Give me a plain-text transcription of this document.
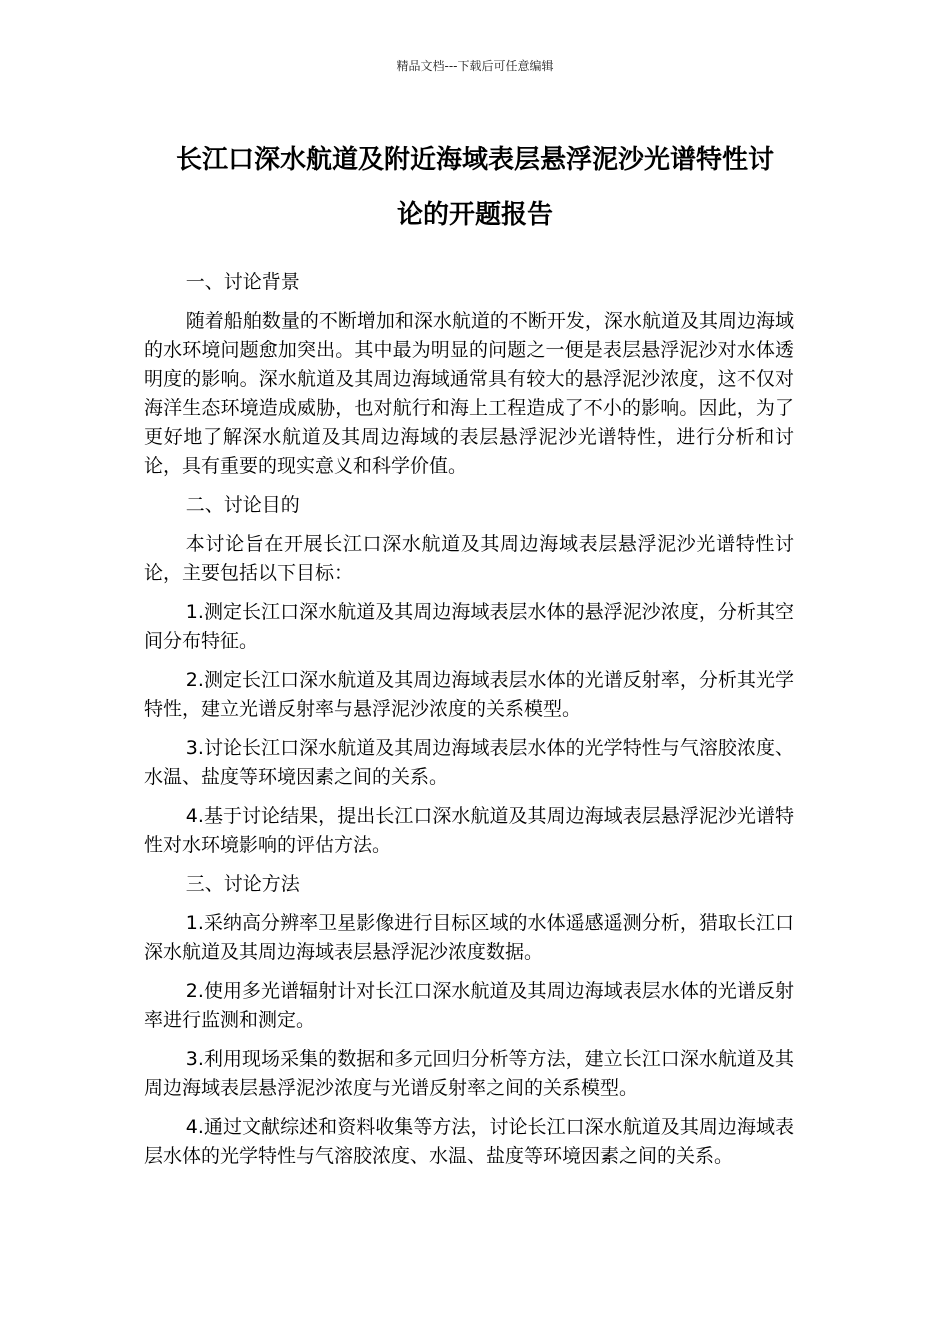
精品文档---下载后可任意编辑
长江口深水航道及附近海域表层悬浮泥沙光谱特性讨
论的开题报告

一、讨论背景

随着船舶数量的不断增加和深水航道的不断开发，深水航道及其周边海域的水环境问题愈加突出。其中最为明显的问题之一便是表层悬浮泥沙对水体透明度的影响。深水航道及其周边海域通常具有较大的悬浮泥沙浓度，这不仅对海洋生态环境造成威胁，也对航行和海上工程造成了不小的影响。因此，为了更好地了解深水航道及其周边海域的表层悬浮泥沙光谱特性，进行分析和讨论，具有重要的现实意义和科学价值。

二、讨论目的

本讨论旨在开展长江口深水航道及其周边海域表层悬浮泥沙光谱特性讨论，主要包括以下目标：

1.测定长江口深水航道及其周边海域表层水体的悬浮泥沙浓度，分析其空间分布特征。

2.测定长江口深水航道及其周边海域表层水体的光谱反射率，分析其光学特性，建立光谱反射率与悬浮泥沙浓度的关系模型。

3.讨论长江口深水航道及其周边海域表层水体的光学特性与气溶胶浓度、水温、盐度等环境因素之间的关系。

4.基于讨论结果，提出长江口深水航道及其周边海域表层悬浮泥沙光谱特性对水环境影响的评估方法。

三、讨论方法

1.采纳高分辨率卫星影像进行目标区域的水体遥感遥测分析，猎取长江口深水航道及其周边海域表层悬浮泥沙浓度数据。

2.使用多光谱辐射计对长江口深水航道及其周边海域表层水体的光谱反射率进行监测和测定。

3.利用现场采集的数据和多元回归分析等方法，建立长江口深水航道及其周边海域表层悬浮泥沙浓度与光谱反射率之间的关系模型。

4.通过文献综述和资料收集等方法，讨论长江口深水航道及其周边海域表层水体的光学特性与气溶胶浓度、水温、盐度等环境因素之间的关系。
